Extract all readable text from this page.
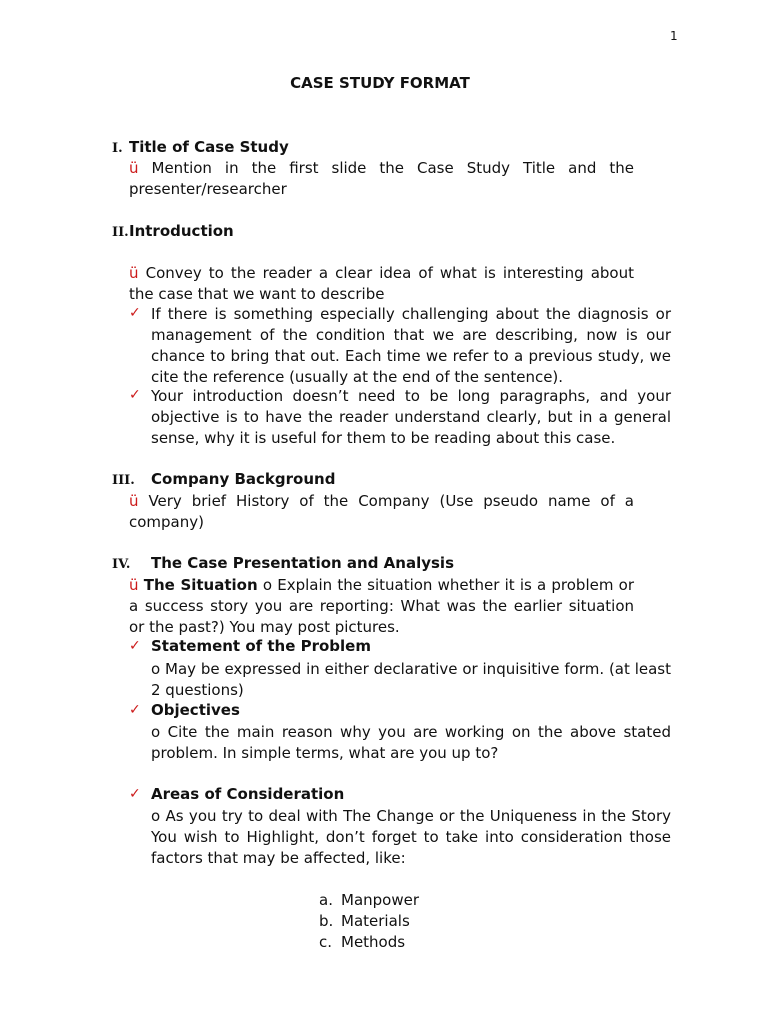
1
CASE STUDY FORMAT
I. Title of Case Study
ü Mention in the first slide the Case Study Title and the presenter/researcher
II. Introduction
ü Convey to the reader a clear idea of what is interesting about the case that we want to describe
✓ If there is something especially challenging about the diagnosis or management of the condition that we are describing, now is our chance to bring that out. Each time we refer to a previous study, we cite the reference (usually at the end of the sentence).
✓ Your introduction doesn’t need to be long paragraphs, and your objective is to have the reader understand clearly, but in a general sense, why it is useful for them to be reading about this case.
III. Company Background
ü Very brief History of the Company (Use pseudo name of a company)
IV. The Case Presentation and Analysis
ü The Situation o Explain the situation whether it is a problem or a success story you are reporting: What was the earlier situation or the past?) You may post pictures.
✓ Statement of the Problem
o May be expressed in either declarative or inquisitive form. (at least 2 questions)
✓ Objectives
o Cite the main reason why you are working on the above stated problem. In simple terms, what are you up to?
✓ Areas of Consideration
o As you try to deal with The Change or the Uniqueness in the Story You wish to Highlight, don’t forget to take into consideration those factors that may be affected, like:
a. Manpower
b. Materials
c. Methods
